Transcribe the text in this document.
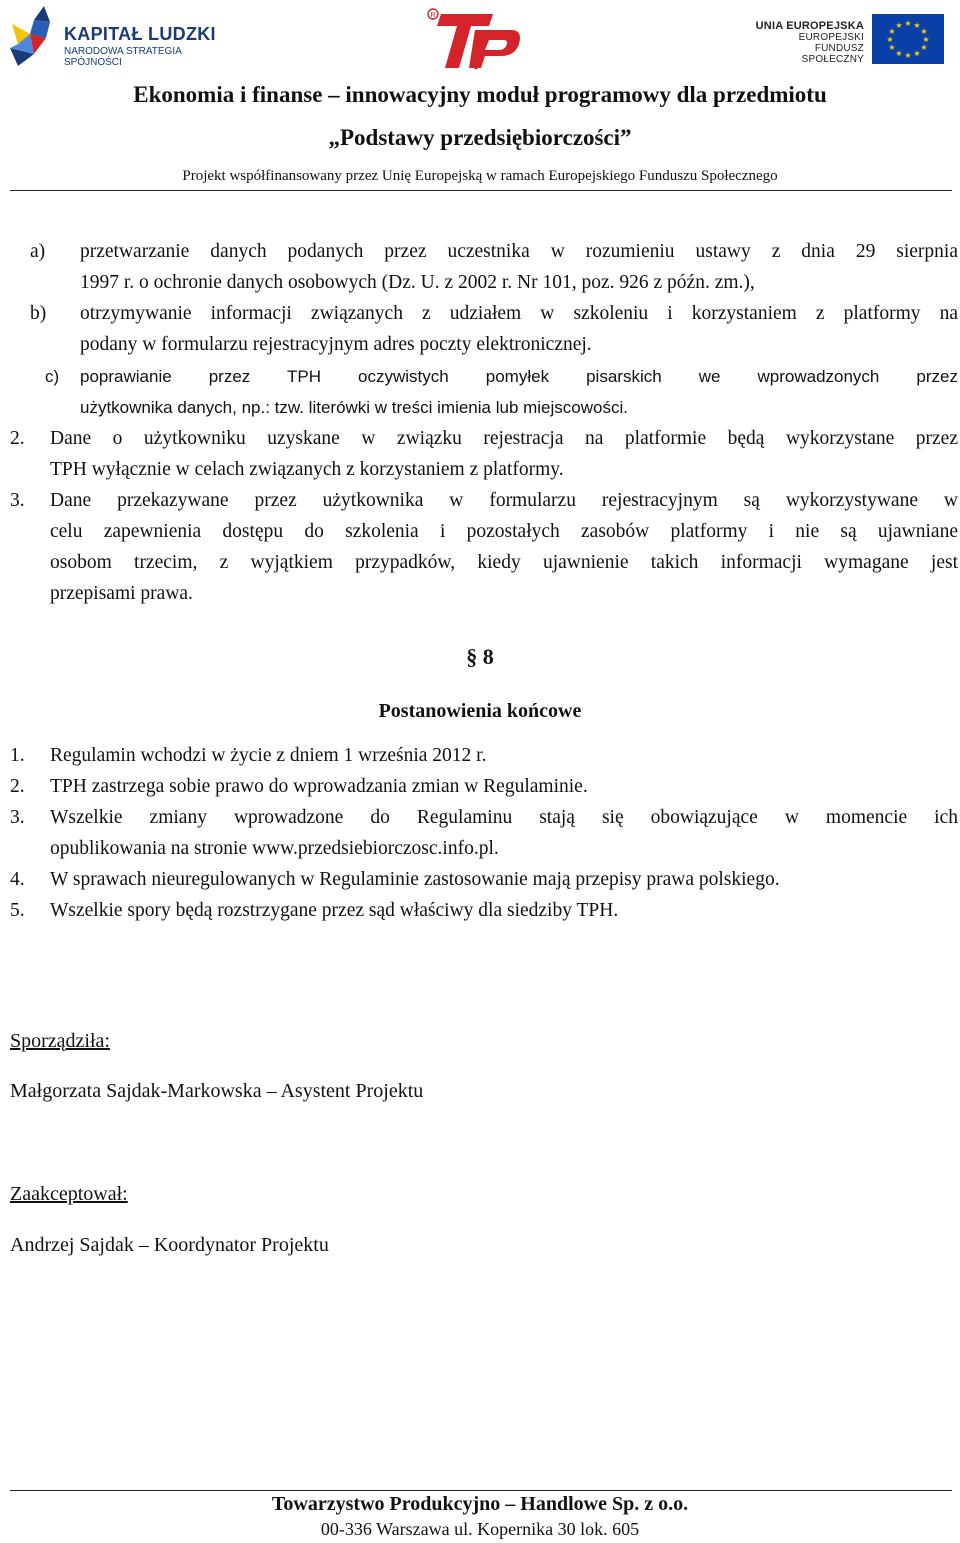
KAPITAŁ LUDZKI
NARODOWA STRATEGIA SPÓJNOŚCI
R
UNIA EUROPEJSKA
EUROPEJSKI
FUNDUSZ SPOŁECZNY
★ ★
★
★
★
★
★
★
★
★
★
★
Ekonomia i finanse – innowacyjny moduł programowy dla przedmiotu
„Podstawy przedsiębiorczości”
Projekt współfinansowany przez Unię Europejską w ramach Europejskiego Funduszu Społecznego
a) przetwarzanie danych podanych przez uczestnika w rozumieniu ustawy z dnia 29 sierpnia
1997 r. o ochronie danych osobowych (Dz. U. z 2002 r. Nr 101, poz. 926 z późn. zm.),
b) otrzymywanie informacji związanych z udziałem w szkoleniu i korzystaniem z platformy na
podany w formularzu rejestracyjnym adres poczty elektronicznej.
c) poprawianie przez TPH oczywistych pomyłek pisarskich we wprowadzonych przez
użytkownika danych, np.: tzw. literówki w treści imienia lub miejscowości.
2. Dane o użytkowniku uzyskane w związku rejestracja na platformie będą wykorzystane przez
TPH wyłącznie w celach związanych z korzystaniem z platformy.
3. Dane przekazywane przez użytkownika w formularzu rejestracyjnym są wykorzystywane w
celu zapewnienia dostępu do szkolenia i pozostałych zasobów platformy i nie są ujawniane
osobom trzecim, z wyjątkiem przypadków, kiedy ujawnienie takich informacji wymagane jest
przepisami prawa.
§ 8
Postanowienia końcowe
1. Regulamin wchodzi w życie z dniem 1 września 2012 r.
2. TPH zastrzega sobie prawo do wprowadzania zmian w Regulaminie.
3. Wszelkie zmiany wprowadzone do Regulaminu stają się obowiązujące w momencie ich
opublikowania na stronie www.przedsiebiorczosc.info.pl.
4. W sprawach nieuregulowanych w Regulaminie zastosowanie mają przepisy prawa polskiego.
5. Wszelkie spory będą rozstrzygane przez sąd właściwy dla siedziby TPH.
Sporządziła:
Małgorzata Sajdak-Markowska – Asystent Projektu
Zaakceptował:
Andrzej Sajdak – Koordynator Projektu
Towarzystwo Produkcyjno – Handlowe Sp. z o.o.
00-336 Warszawa ul. Kopernika 30 lok. 605
